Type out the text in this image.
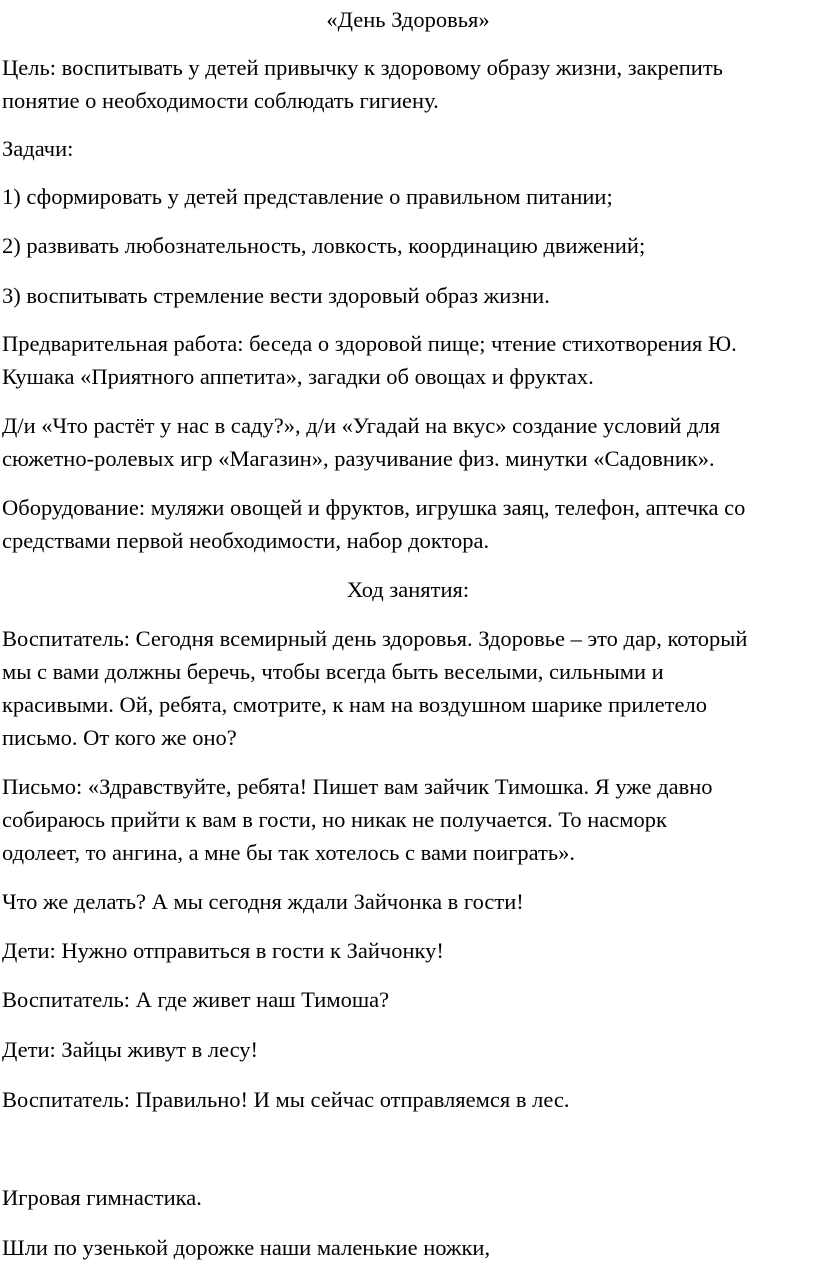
«День Здоровья»
Цель: воспитывать у детей привычку к здоровому образу жизни, закрепить
понятие о необходимости соблюдать гигиену.
Задачи:
1) сформировать у детей представление о правильном питании;
2) развивать любознательность, ловкость, координацию движений;
3) воспитывать стремление вести здоровый образ жизни.
Предварительная работа: беседа о здоровой пище; чтение стихотворения Ю.
Кушака «Приятного аппетита», загадки об овощах и фруктах.
Д/и «Что растёт у нас в саду?», д/и «Угадай на вкус» создание условий для
сюжетно-ролевых игр «Магазин», разучивание физ. минутки «Садовник».
Оборудование: муляжи овощей и фруктов, игрушка заяц, телефон, аптечка со
средствами первой необходимости, набор доктора.
Ход занятия:
Воспитатель: Сегодня всемирный день здоровья. Здоровье – это дар, который
мы с вами должны беречь, чтобы всегда быть веселыми, сильными и
красивыми. Ой, ребята, смотрите, к нам на воздушном шарике прилетело
письмо. От кого же оно?
Письмо: «Здравствуйте, ребята! Пишет вам зайчик Тимошка. Я уже давно
собираюсь прийти к вам в гости, но никак не получается. То насморк
одолеет, то ангина, а мне бы так хотелось с вами поиграть».
Что же делать? А мы сегодня ждали Зайчонка в гости!
Дети: Нужно отправиться в гости к Зайчонку!
Воспитатель: А где живет наш Тимоша?
Дети: Зайцы живут в лесу!
Воспитатель: Правильно! И мы сейчас отправляемся в лес.
Игровая гимнастика.
Шли по узенькой дорожке наши маленькие ножки,
